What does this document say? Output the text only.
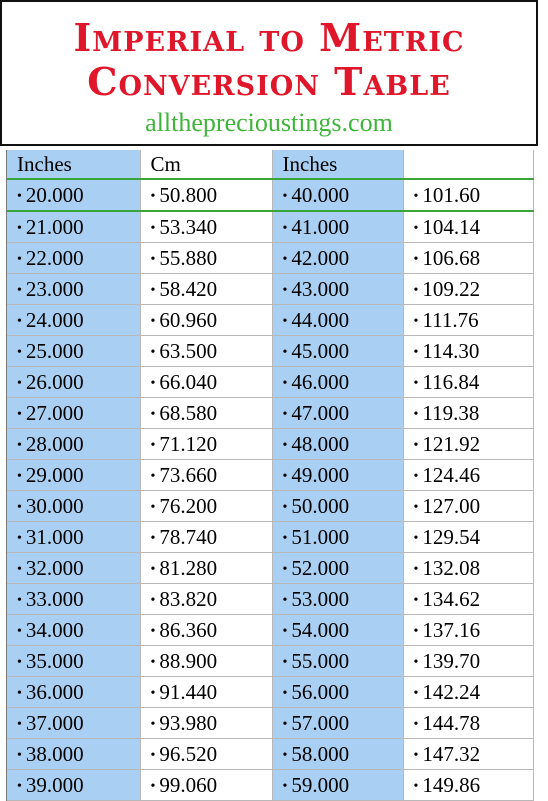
Imperial to Metric
Conversion Table
alltheprecioustings.com
Inches	Cm	Inches	
• 20.000	• 50.800	• 40.000	• 101.60
• 21.000	• 53.340	• 41.000	• 104.14
• 22.000	• 55.880	• 42.000	• 106.68
• 23.000	• 58.420	• 43.000	• 109.22
• 24.000	• 60.960	• 44.000	• 111.76
• 25.000	• 63.500	• 45.000	• 114.30
• 26.000	• 66.040	• 46.000	• 116.84
• 27.000	• 68.580	• 47.000	• 119.38
• 28.000	• 71.120	• 48.000	• 121.92
• 29.000	• 73.660	• 49.000	• 124.46
• 30.000	• 76.200	• 50.000	• 127.00
• 31.000	• 78.740	• 51.000	• 129.54
• 32.000	• 81.280	• 52.000	• 132.08
• 33.000	• 83.820	• 53.000	• 134.62
• 34.000	• 86.360	• 54.000	• 137.16
• 35.000	• 88.900	• 55.000	• 139.70
• 36.000	• 91.440	• 56.000	• 142.24
• 37.000	• 93.980	• 57.000	• 144.78
• 38.000	• 96.520	• 58.000	• 147.32
• 39.000	• 99.060	• 59.000	• 149.86
